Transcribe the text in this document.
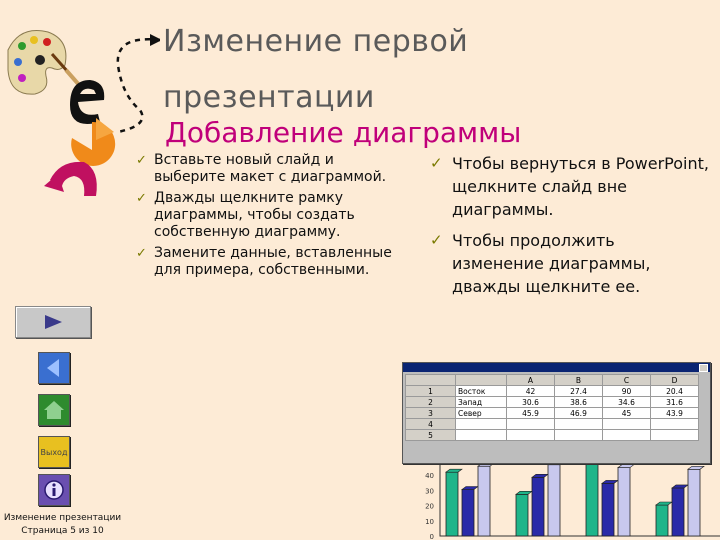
Изменение первой
презентации
Добавление диаграммы
✓ Вставьте новый слайд и выберите макет с диаграммой.
✓ Дважды щелкните рамку диаграммы, чтобы создать собственную диаграмму.
✓ Замените данные, вставленные для примера, собственными.
✓ Чтобы вернуться в PowerPoint, щелкните слайд вне диаграммы.
✓ Чтобы продолжить изменение диаграммы, дважды щелкните ее.
Выход
Изменение презентации
Страница 5 из 10
0
10
20
30
40
		A	B	C	D
1	Восток	42	27.4	90	20.4
2	Запад	30.6	38.6	34.6	31.6
3	Север	45.9	46.9	45	43.9
4					
5					
